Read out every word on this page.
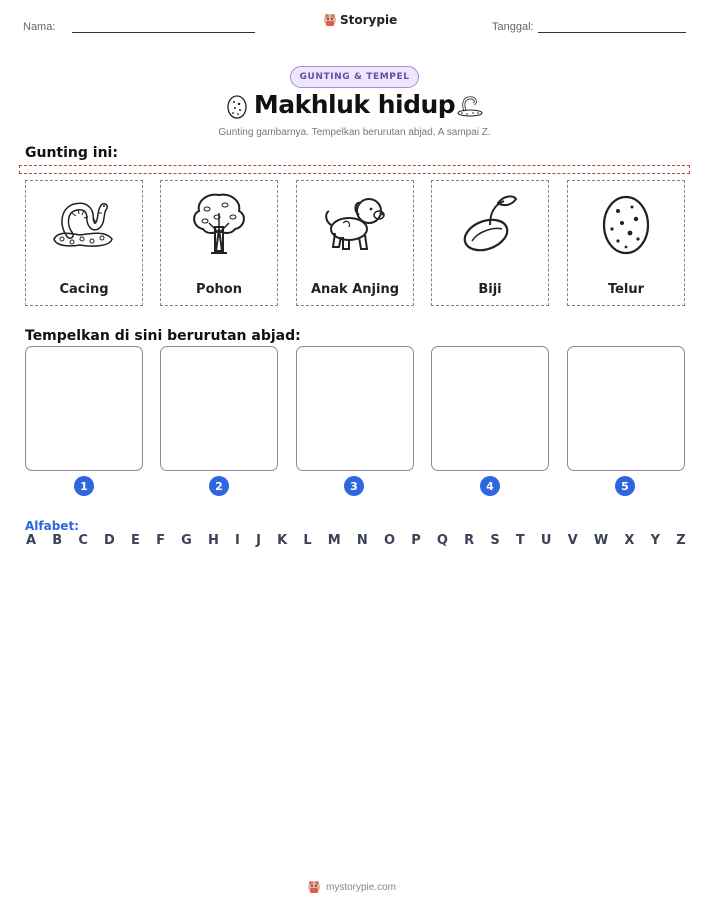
Nama:	Storypie	Tanggal:
GUNTING & TEMPEL
Makhluk hidup
Gunting gambarnya. Tempelkan berurutan abjad, A sampai Z.
Gunting ini:
Cacing	Pohon	Anak Anjing	Biji	Telur
Tempelkan di sini berurutan abjad:
1	2	3	4	5
Alfabet:
A B C D E F G H I J K L M N O P Q R S T U V W X Y Z
mystorypie.com
